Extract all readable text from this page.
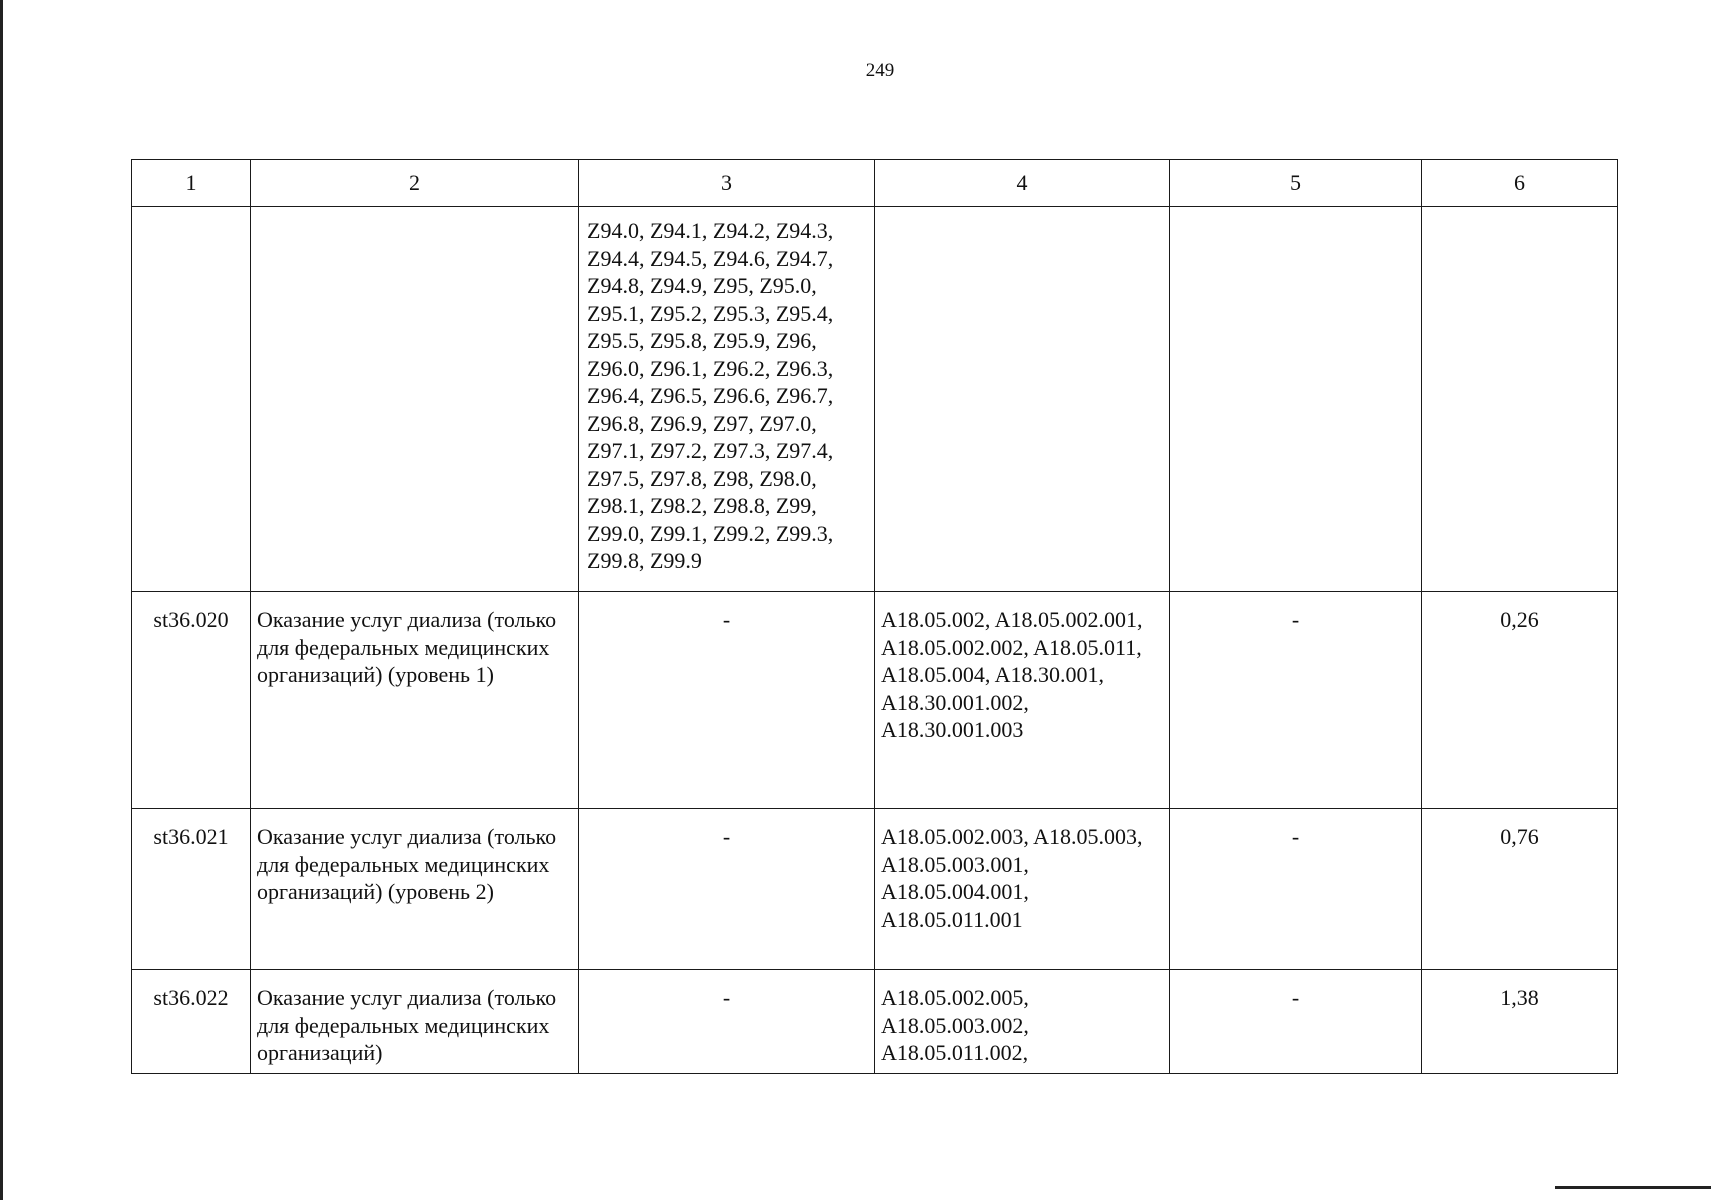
249
1	2	3	4	5	6
		Z94.0, Z94.1, Z94.2, Z94.3, Z94.4, Z94.5, Z94.6, Z94.7, Z94.8, Z94.9, Z95, Z95.0, Z95.1, Z95.2, Z95.3, Z95.4, Z95.5, Z95.8, Z95.9, Z96, Z96.0, Z96.1, Z96.2, Z96.3, Z96.4, Z96.5, Z96.6, Z96.7, Z96.8, Z96.9, Z97, Z97.0, Z97.1, Z97.2, Z97.3, Z97.4, Z97.5, Z97.8, Z98, Z98.0, Z98.1, Z98.2, Z98.8, Z99, Z99.0, Z99.1, Z99.2, Z99.3, Z99.8, Z99.9			
st36.020	Оказание услуг диализа (только для федеральных медицинских организаций) (уровень 1)	-	A18.05.002, A18.05.002.001, A18.05.002.002, A18.05.011, A18.05.004, A18.30.001, A18.30.001.002, A18.30.001.003	-	0,26
st36.021	Оказание услуг диализа (только для федеральных медицинских организаций) (уровень 2)	-	A18.05.002.003, A18.05.003, A18.05.003.001, A18.05.004.001, A18.05.011.001	-	0,76
st36.022	Оказание услуг диализа (только для федеральных медицинских организаций)	-	A18.05.002.005, A18.05.003.002, A18.05.011.002,	-	1,38
